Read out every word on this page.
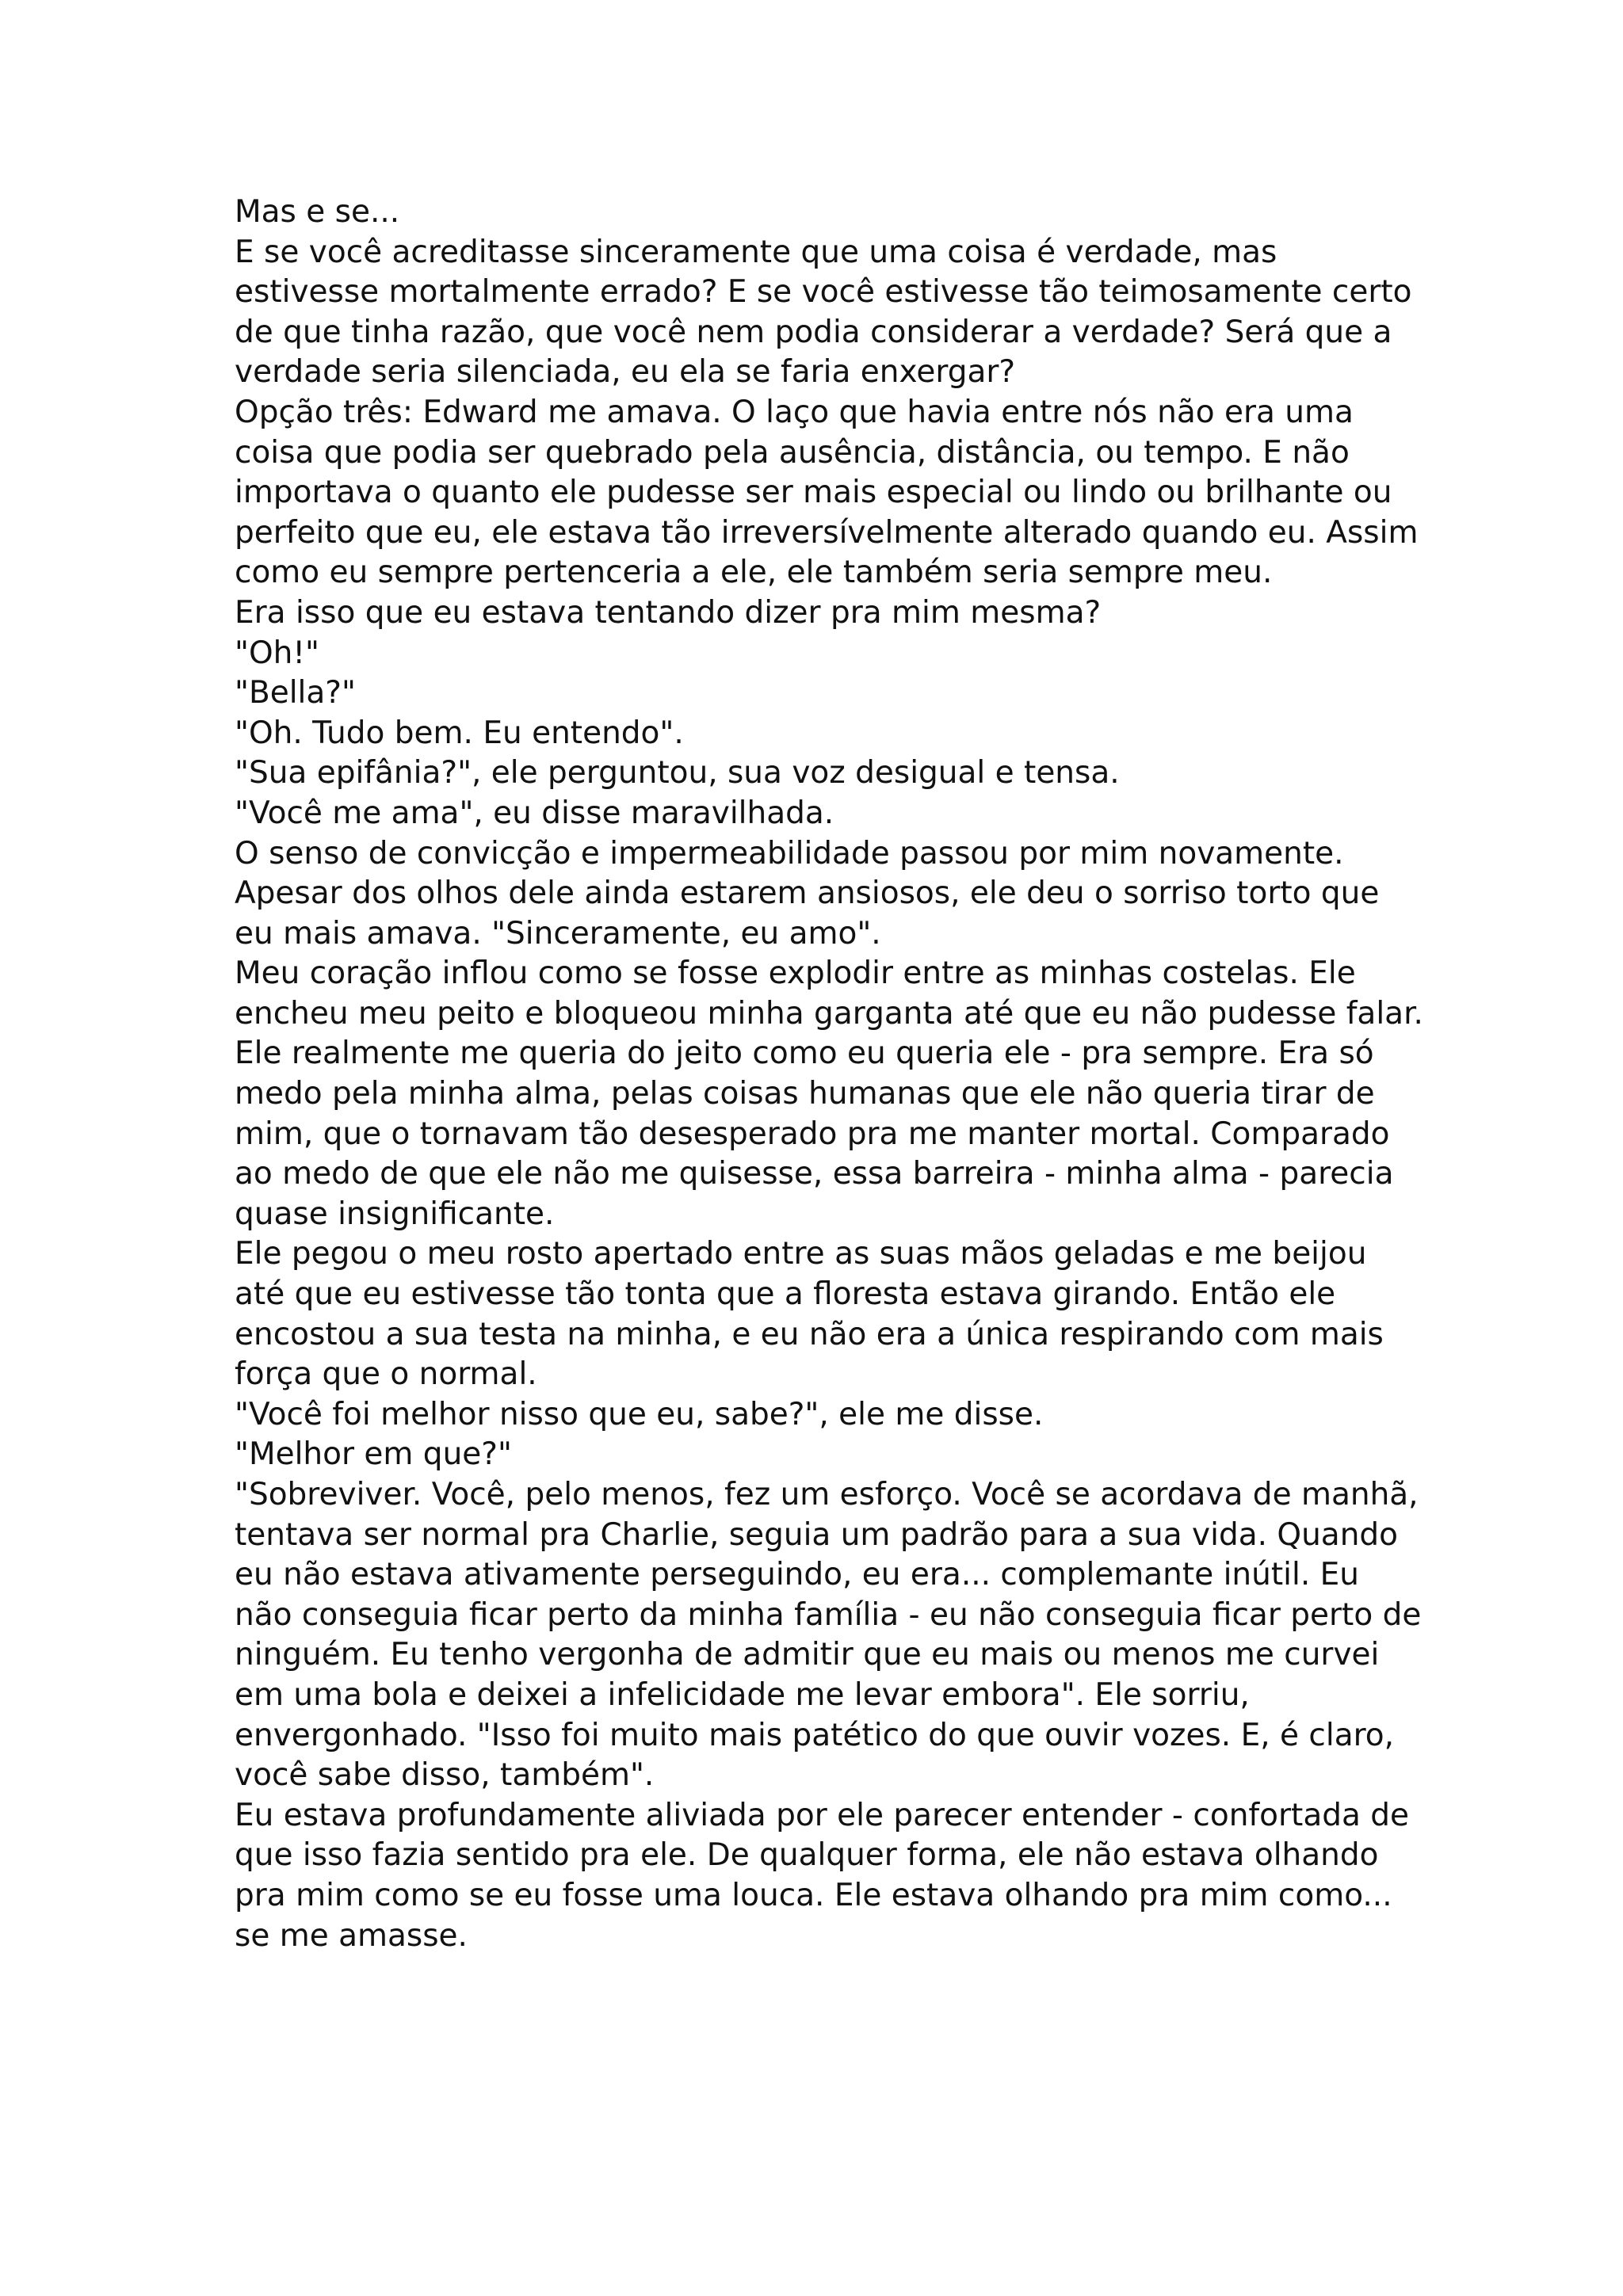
Mas e se...

E se você acreditasse sinceramente que uma coisa é verdade, mas estivesse mortalmente errado? E se você estivesse tão teimosamente certo de que tinha razão, que você nem podia considerar a verdade? Será que a verdade seria silenciada, eu ela se faria enxergar?

Opção três: Edward me amava. O laço que havia entre nós não era uma coisa que podia ser quebrado pela ausência, distância, ou tempo. E não importava o quanto ele pudesse ser mais especial ou lindo ou brilhante ou perfeito que eu, ele estava tão irreversívelmente alterado quando eu. Assim como eu sempre pertenceria a ele, ele também seria sempre meu.

Era isso que eu estava tentando dizer pra mim mesma?

"Oh!"

"Bella?"

"Oh. Tudo bem. Eu entendo".

"Sua epifânia?", ele perguntou, sua voz desigual e tensa.

"Você me ama", eu disse maravilhada.

O senso de convicção e impermeabilidade passou por mim novamente.

Apesar dos olhos dele ainda estarem ansiosos, ele deu o sorriso torto que eu mais amava. "Sinceramente, eu amo".

Meu coração inflou como se fosse explodir entre as minhas costelas. Ele encheu meu peito e bloqueou minha garganta até que eu não pudesse falar.

Ele realmente me queria do jeito como eu queria ele - pra sempre. Era só medo pela minha alma, pelas coisas humanas que ele não queria tirar de mim, que o tornavam tão desesperado pra me manter mortal. Comparado ao medo de que ele não me quisesse, essa barreira - minha alma - parecia quase insignificante.

Ele pegou o meu rosto apertado entre as suas mãos geladas e me beijou até que eu estivesse tão tonta que a floresta estava girando. Então ele encostou a sua testa na minha, e eu não era a única respirando com mais força que o normal.

"Você foi melhor nisso que eu, sabe?", ele me disse.

"Melhor em que?"

"Sobreviver. Você, pelo menos, fez um esforço. Você se acordava de manhã, tentava ser normal pra Charlie, seguia um padrão para a sua vida. Quando eu não estava ativamente perseguindo, eu era... complemante inútil. Eu não conseguia ficar perto da minha família - eu não conseguia ficar perto de ninguém. Eu tenho vergonha de admitir que eu mais ou menos me curvei em uma bola e deixei a infelicidade me levar embora". Ele sorriu, envergonhado. "Isso foi muito mais patético do que ouvir vozes. E, é claro, você sabe disso, também".

Eu estava profundamente aliviada por ele parecer entender - confortada de que isso fazia sentido pra ele. De qualquer forma, ele não estava olhando pra mim como se eu fosse uma louca. Ele estava olhando pra mim como... se me amasse.
